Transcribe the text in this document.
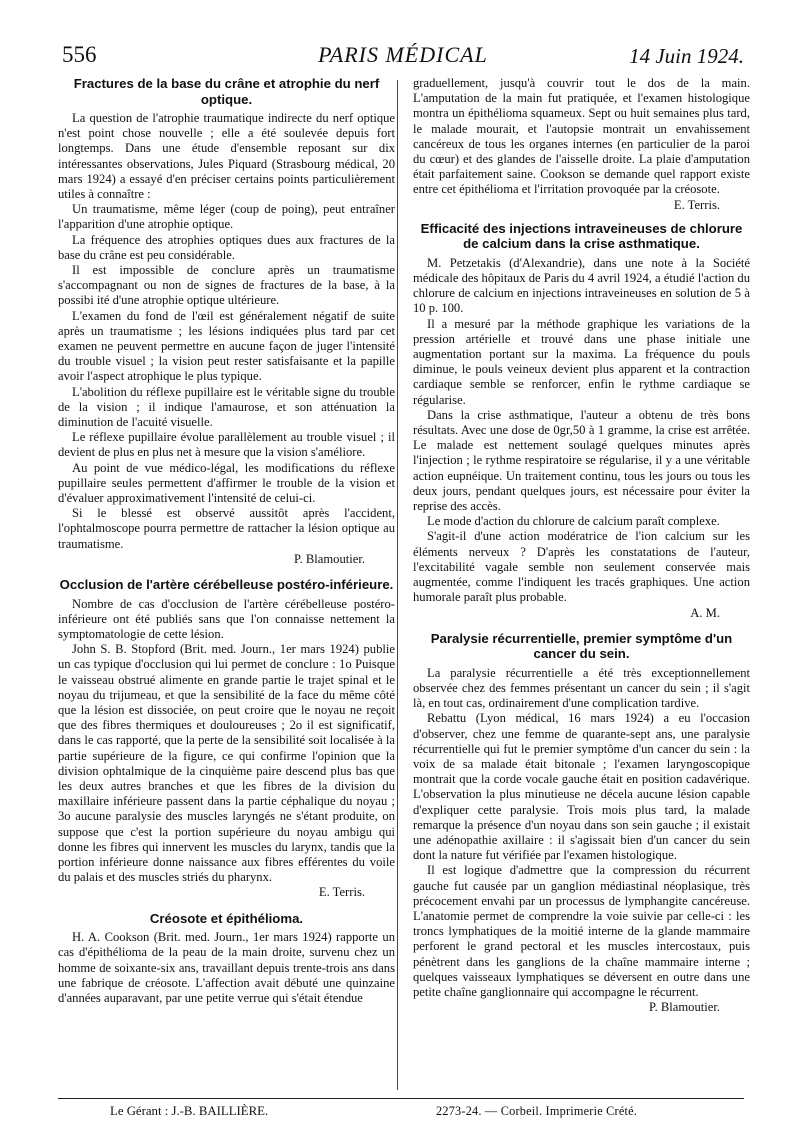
556	PARIS MÉDICAL	14 Juin 1924.
Fractures de la base du crâne et atrophie du nerf optique.

La question de l'atrophie traumatique indirecte du nerf optique n'est point chose nouvelle ; elle a été soulevée depuis fort longtemps. Dans une étude d'ensemble reposant sur dix intéressantes observations, Jules Piquard (Strasbourg médical, 20 mars 1924) a essayé d'en préciser certains points particulièrement utiles à connaître :

Un traumatisme, même léger (coup de poing), peut entraîner l'apparition d'une atrophie optique.

La fréquence des atrophies optiques dues aux fractures de la base du crâne est peu considérable.

Il est impossible de conclure après un traumatisme s'accompagnant ou non de signes de fractures de la base, à la possibi ité d'une atrophie optique ultérieure.

L'examen du fond de l'œil est généralement négatif de suite après un traumatisme ; les lésions indiquées plus tard par cet examen ne peuvent permettre en aucune façon de juger l'intensité du trouble visuel ; la vision peut rester satisfaisante et la papille avoir l'aspect atrophique le plus typique.

L'abolition du réflexe pupillaire est le véritable signe du trouble de la vision ; il indique l'amaurose, et son atténuation la diminution de l'acuité visuelle.

Le réflexe pupillaire évolue parallèlement au trouble visuel ; il devient de plus en plus net à mesure que la vision s'améliore.

Au point de vue médico-légal, les modifications du réflexe pupillaire seules permettent d'affirmer le trouble de la vision et d'évaluer approximativement l'intensité de celui-ci.

Si le blessé est observé aussitôt après l'accident, l'ophtalmoscope pourra permettre de rattacher la lésion optique au traumatisme.

P. Blamoutier.

Occlusion de l'artère cérébelleuse postéro-inférieure.

Nombre de cas d'occlusion de l'artère cérébelleuse postéro-inférieure ont été publiés sans que l'on connaisse nettement la symptomatologie de cette lésion.

John S. B. Stopford (Brit. med. Journ., 1er mars 1924) publie un cas typique d'occlusion qui lui permet de conclure : 1o Puisque le vaisseau obstrué alimente en grande partie le trajet spinal et le noyau du trijumeau, et que la sensibilité de la face du même côté que la lésion est dissociée, on peut croire que le noyau ne reçoit que des fibres thermiques et douloureuses ; 2o il est significatif, dans le cas rapporté, que la perte de la sensibilité soit localisée à la partie supérieure de la figure, ce qui confirme l'opinion que la division ophtalmique de la cinquième paire descend plus bas que les deux autres branches et que les fibres de la division du maxillaire inférieure passent dans la partie céphalique du noyau ; 3o aucune paralysie des muscles laryngés ne s'étant produite, on suppose que c'est la portion supérieure du noyau ambigu qui donne les fibres qui innervent les muscles du larynx, tandis que la portion inférieure donne naissance aux fibres efférentes du voile du palais et des muscles striés du pharynx.

E. Terris.

Créosote et épithélioma.

H. A. Cookson (Brit. med. Journ., 1er mars 1924) rapporte un cas d'épithélioma de la peau de la main droite, survenu chez un homme de soixante-six ans, travaillant depuis trente-trois ans dans une fabrique de créosote. L'affection avait débuté une quinzaine d'années auparavant, par une petite verrue qui s'était étendue

graduellement, jusqu'à couvrir tout le dos de la main. L'amputation de la main fut pratiquée, et l'examen histologique montra un épithélioma squameux. Sept ou huit semaines plus tard, le malade mourait, et l'autopsie montrait un envahissement cancéreux de tous les organes internes (en particulier de la paroi du cœur) et des glandes de l'aisselle droite. La plaie d'amputation était parfaitement saine. Cookson se demande quel rapport existe entre cet épithélioma et l'irritation provoquée par la créosote.

E. Terris.

Efficacité des injections intraveineuses de chlorure de calcium dans la crise asthmatique.

M. Petzetakis (d'Alexandrie), dans une note à la Société médicale des hôpitaux de Paris du 4 avril 1924, a étudié l'action du chlorure de calcium en injections intraveineuses en solution de 5 à 10 p. 100.

Il a mesuré par la méthode graphique les variations de la pression artérielle et trouvé dans une phase initiale une augmentation portant sur la maxima. La fréquence du pouls diminue, le pouls veineux devient plus apparent et la contraction cardiaque semble se renforcer, enfin le rythme cardiaque se régularise.

Dans la crise asthmatique, l'auteur a obtenu de très bons résultats. Avec une dose de 0gr,50 à 1 gramme, la crise est arrêtée. Le malade est nettement soulagé quelques minutes après l'injection ; le rythme respiratoire se régularise, il y a une véritable action eupnéique. Un traitement continu, tous les jours ou tous les deux jours, pendant quelques jours, est nécessaire pour éviter la reprise des accès.

Le mode d'action du chlorure de calcium paraît complexe.

S'agit-il d'une action modératrice de l'ion calcium sur les éléments nerveux ? D'après les constatations de l'auteur, l'excitabilité vagale semble non seulement conservée mais augmentée, comme l'indiquent les tracés graphiques. Une action humorale paraît plus probable.

A. M.

Paralysie récurrentielle, premier symptôme d'un cancer du sein.

La paralysie récurrentielle a été très exceptionnellement observée chez des femmes présentant un cancer du sein ; il s'agit là, en tout cas, ordinairement d'une complication tardive.

Rebattu (Lyon médical, 16 mars 1924) a eu l'occasion d'observer, chez une femme de quarante-sept ans, une paralysie récurrentielle qui fut le premier symptôme d'un cancer du sein : la voix de sa malade était bitonale ; l'examen laryngoscopique montrait que la corde vocale gauche était en position cadavérique. L'observation la plus minutieuse ne décela aucune lésion capable d'expliquer cette paralysie. Trois mois plus tard, la malade remarque la présence d'un noyau dans son sein gauche ; il existait une adénopathie axillaire : il s'agissait bien d'un cancer du sein dont la nature fut vérifiée par l'examen histologique.

Il est logique d'admettre que la compression du récurrent gauche fut causée par un ganglion médiastinal néoplasique, très précocement envahi par un processus de lymphangite cancéreuse. L'anatomie permet de comprendre la voie suivie par celle-ci : les troncs lymphatiques de la moitié interne de la glande mammaire perforent le grand pectoral et les muscles intercostaux, puis pénètrent dans les ganglions de la chaîne mammaire interne ; quelques vaisseaux lymphatiques se déversent en outre dans une petite chaîne ganglionnaire qui accompagne le récurrent.

P. Blamoutier.

Le Gérant : J.-B. BAILLIÈRE.	2273-24. — Corbeil. Imprimerie Crété.
